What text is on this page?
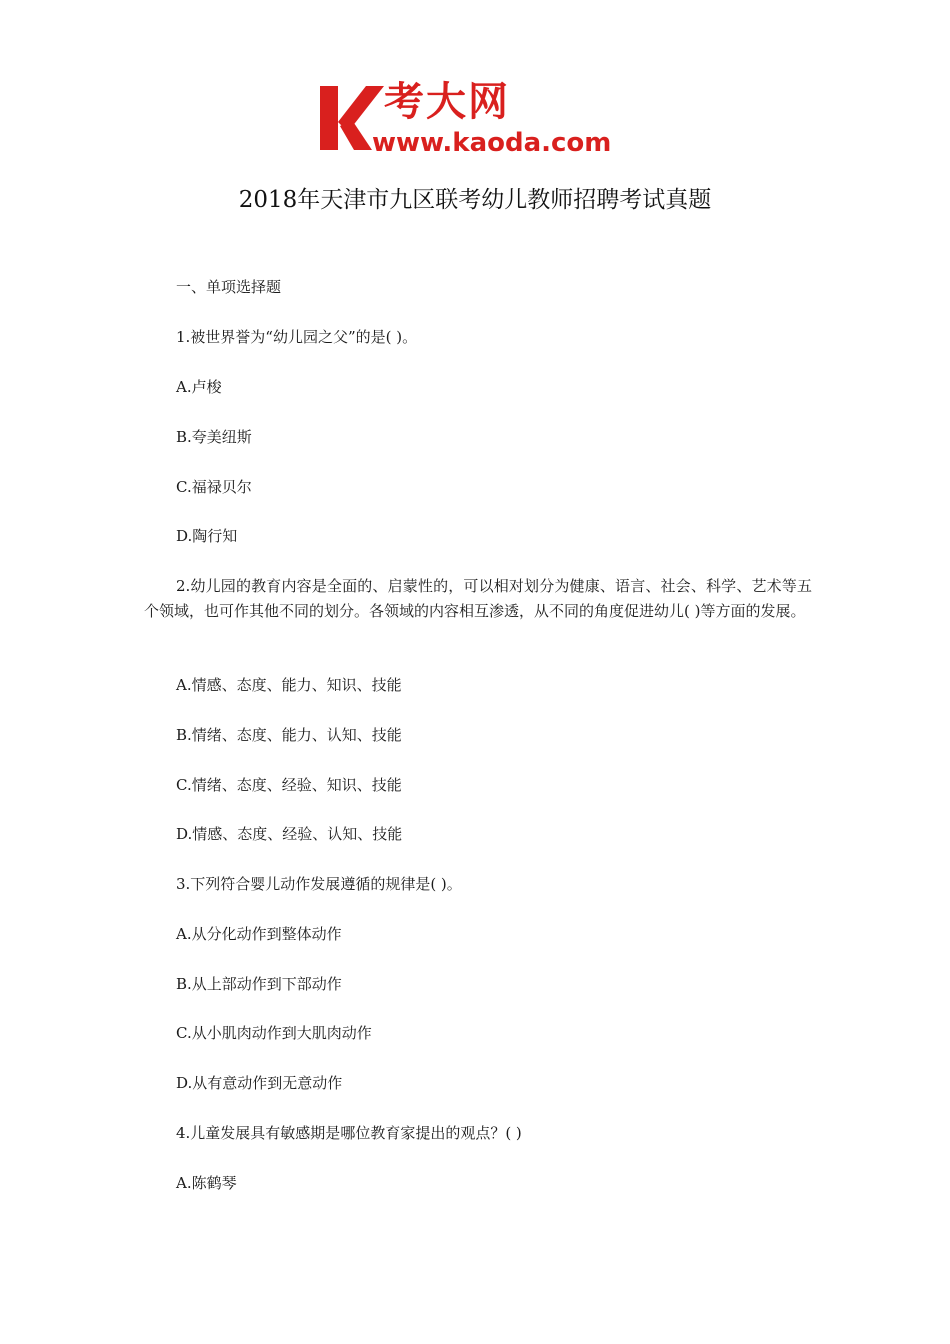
考大网
www.kaoda.com
2018年天津市九区联考幼儿教师招聘考试真题
一、单项选择题
1.被世界誉为“幼儿园之父”的是( )。
A.卢梭
B.夸美纽斯
C.福禄贝尔
D.陶行知
2.幼儿园的教育内容是全面的、启蒙性的，可以相对划分为健康、语言、社会、科学、艺术等五个领域，也可作其他不同的划分。各领域的内容相互渗透，从不同的角度促进幼儿( )等方面的发展。
A.情感、态度、能力、知识、技能
B.情绪、态度、能力、认知、技能
C.情绪、态度、经验、知识、技能
D.情感、态度、经验、认知、技能
3.下列符合婴儿动作发展遵循的规律是( )。
A.从分化动作到整体动作
B.从上部动作到下部动作
C.从小肌肉动作到大肌肉动作
D.从有意动作到无意动作
4.儿童发展具有敏感期是哪位教育家提出的观点？( )
A.陈鹤琴
